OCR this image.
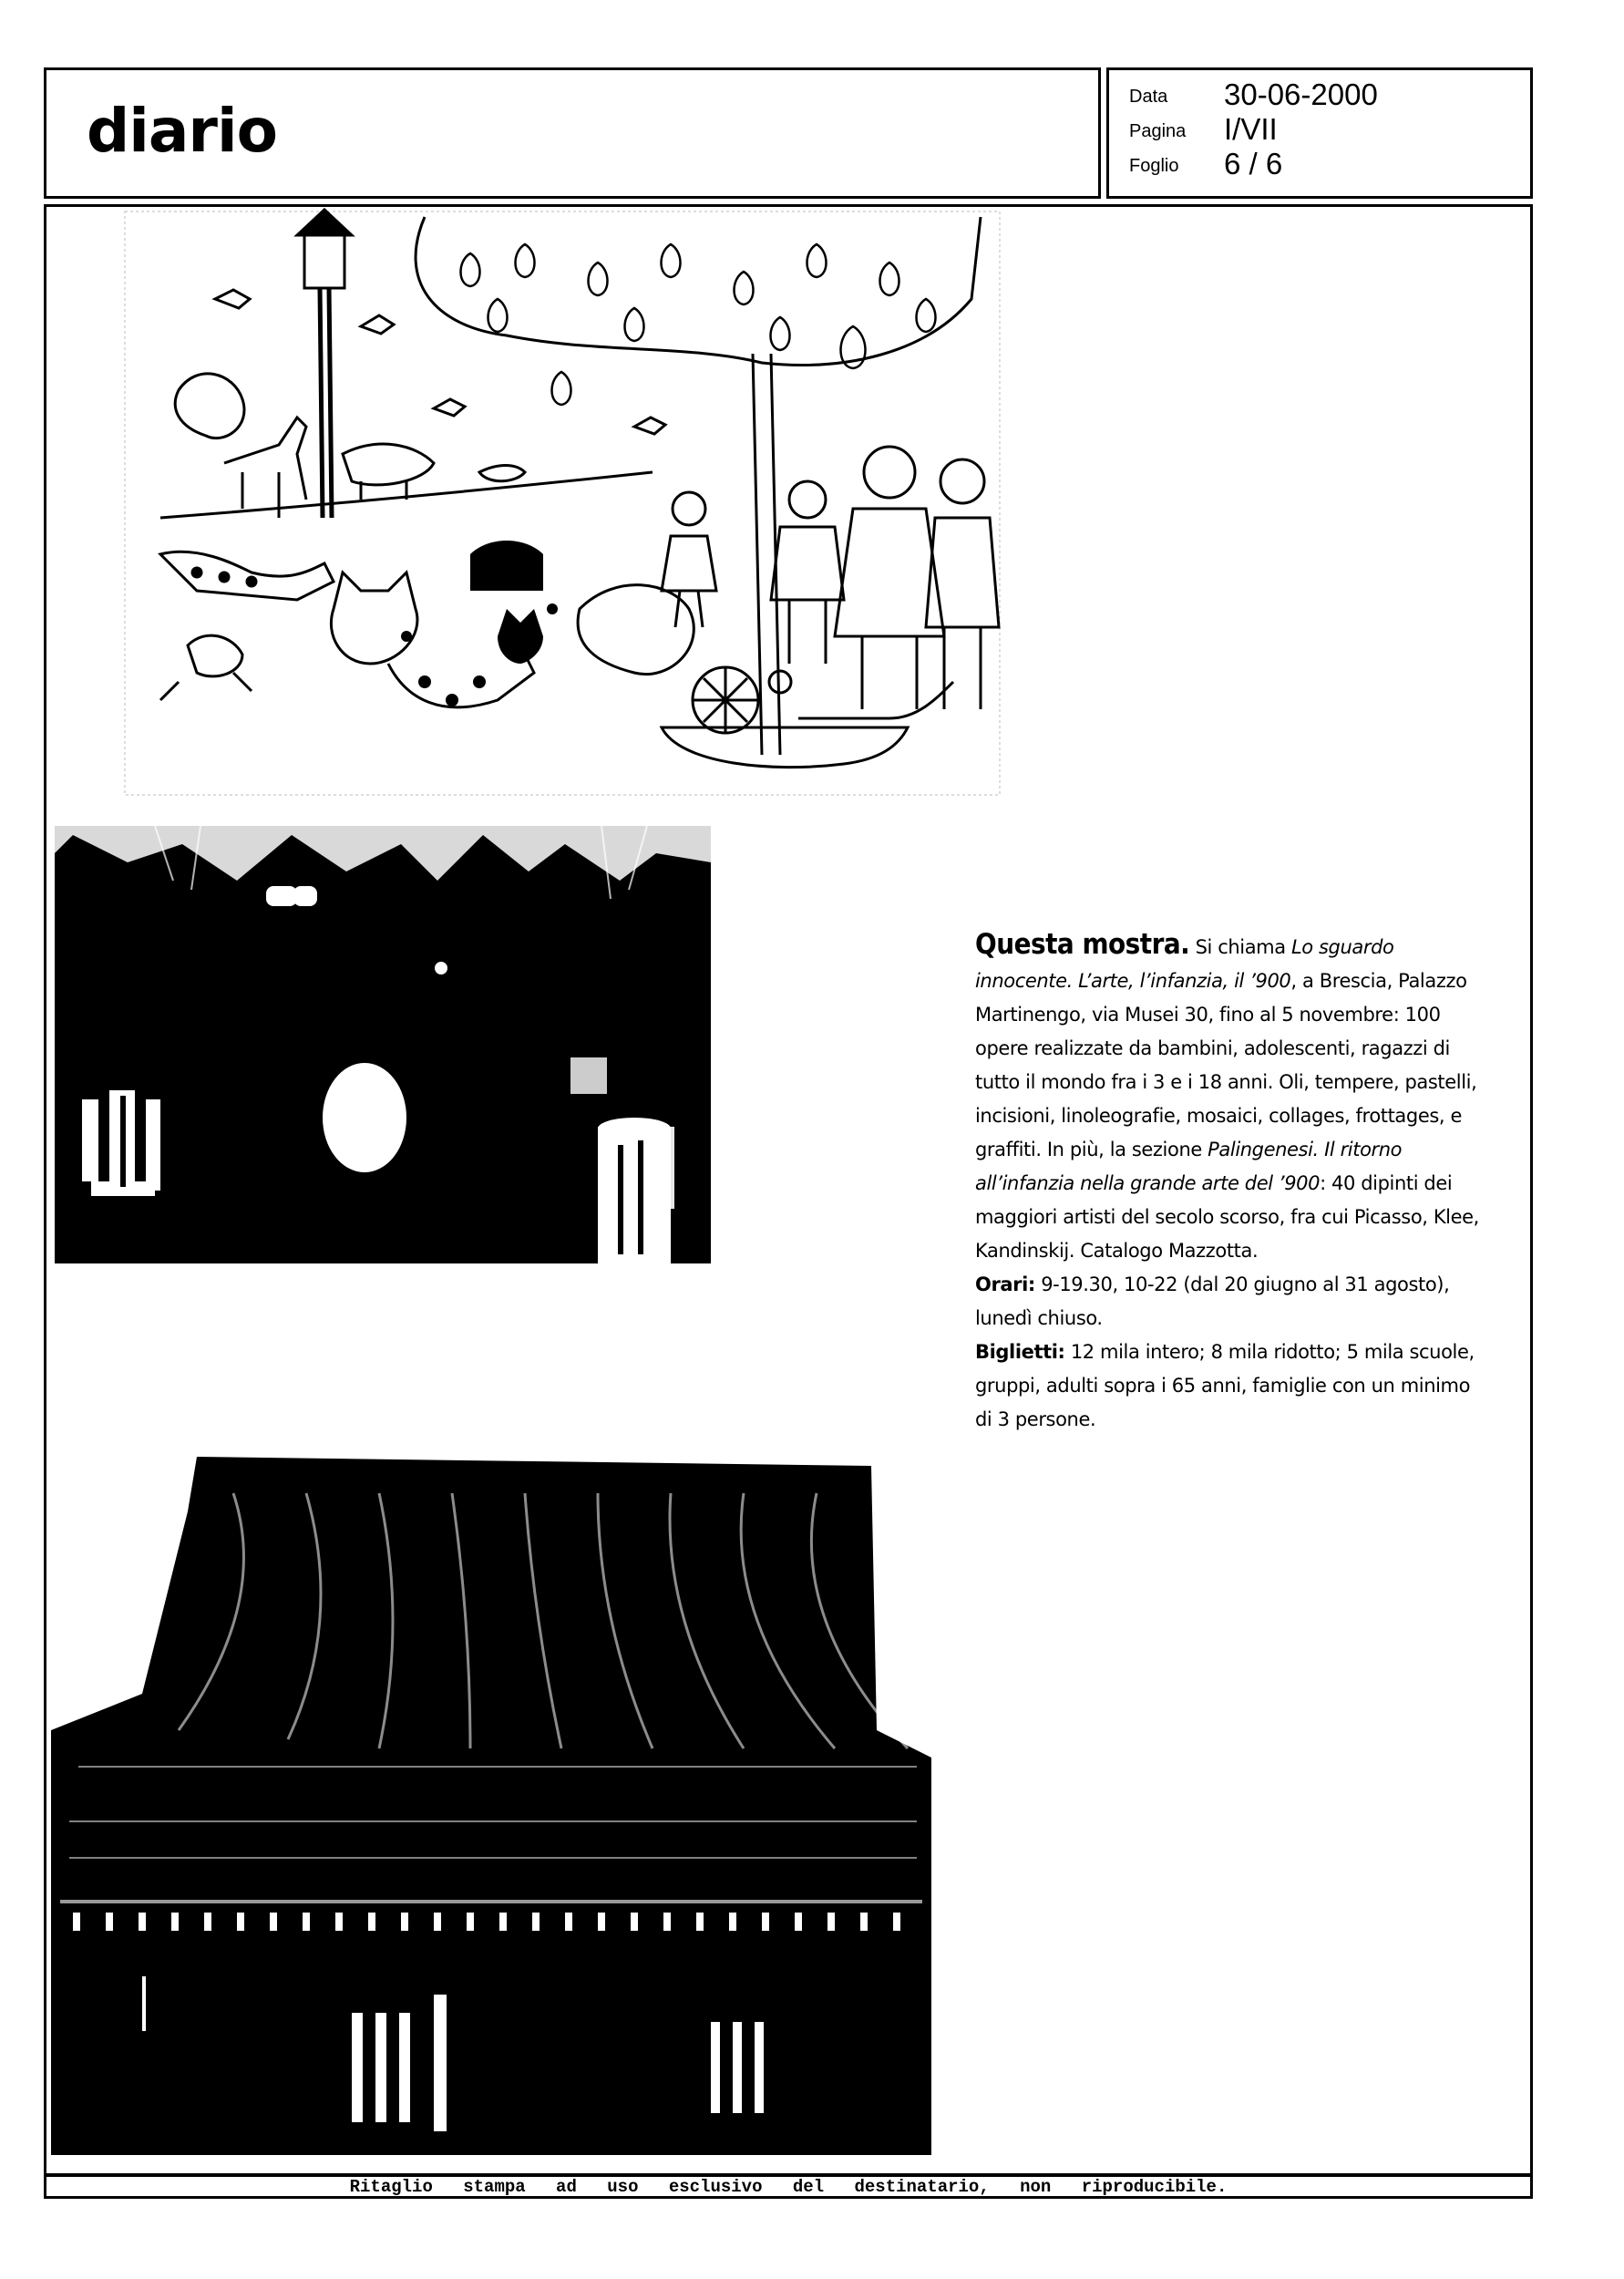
diario	Data 30-06-2000
Pagina I/VII
Foglio 6 / 6

Questa mostra. Si chiama Lo sguardo innocente. L’arte, l’infanzia, il ’900, a Brescia, Palazzo Martinengo, via Musei 30, fino al 5 novembre: 100 opere realizzate da bambini, adolescenti, ragazzi di tutto il mondo fra i 3 e i 18 anni. Oli, tempere, pastelli, incisioni, linoleografie, mosaici, collages, frottages, e graffiti. In più, la sezione Palingenesi. Il ritorno all’infanzia nella grande arte del ’900: 40 dipinti dei maggiori artisti del secolo scorso, fra cui Picasso, Klee, Kandinskij. Catalogo Mazzotta.

Orari: 9-19.30, 10-22 (dal 20 giugno al 31 agosto), lunedì chiuso.

Biglietti: 12 mila intero; 8 mila ridotto; 5 mila scuole, gruppi, adulti sopra i 65 anni, famiglie con un minimo di 3 persone.

Ritaglio stampa ad uso esclusivo del destinatario, non riproducibile.
